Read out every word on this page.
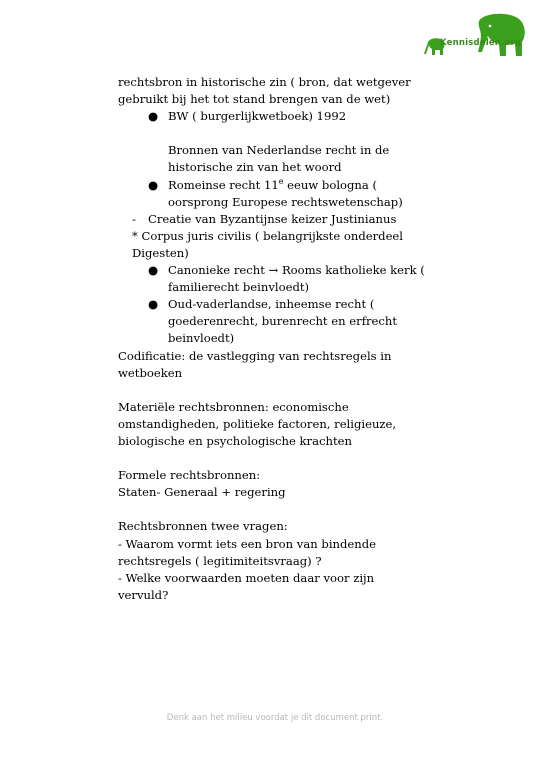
Kennisdelen.org
rechtsbron in historische zin ( bron, dat wetgever
gebruikt bij het tot stand brengen van de wet)
● BW ( burgerlijkwetboek) 1992
Bronnen van Nederlandse recht in de
historische zin van het woord
● Romeinse recht 11e eeuw bologna (
oorsprong Europese rechtswetenschap)
- Creatie van Byzantijnse keizer Justinianus
* Corpus juris civilis ( belangrijkste onderdeel
Digesten)
● Canonieke recht → Rooms katholieke kerk (
familierecht beinvloedt)
● Oud-vaderlandse, inheemse recht (
goederenrecht, burenrecht en erfrecht
beinvloedt)
Codificatie: de vastlegging van rechtsregels in
wetboeken
Materiële rechtsbronnen: economische
omstandigheden, politieke factoren, religieuze,
biologische en psychologische krachten
Formele rechtsbronnen:
Staten- Generaal + regering
Rechtsbronnen twee vragen:
- Waarom vormt iets een bron van bindende
rechtsregels ( legitimiteitsvraag) ?
- Welke voorwaarden moeten daar voor zijn
vervuld?
Denk aan het milieu voordat je dit document print.
